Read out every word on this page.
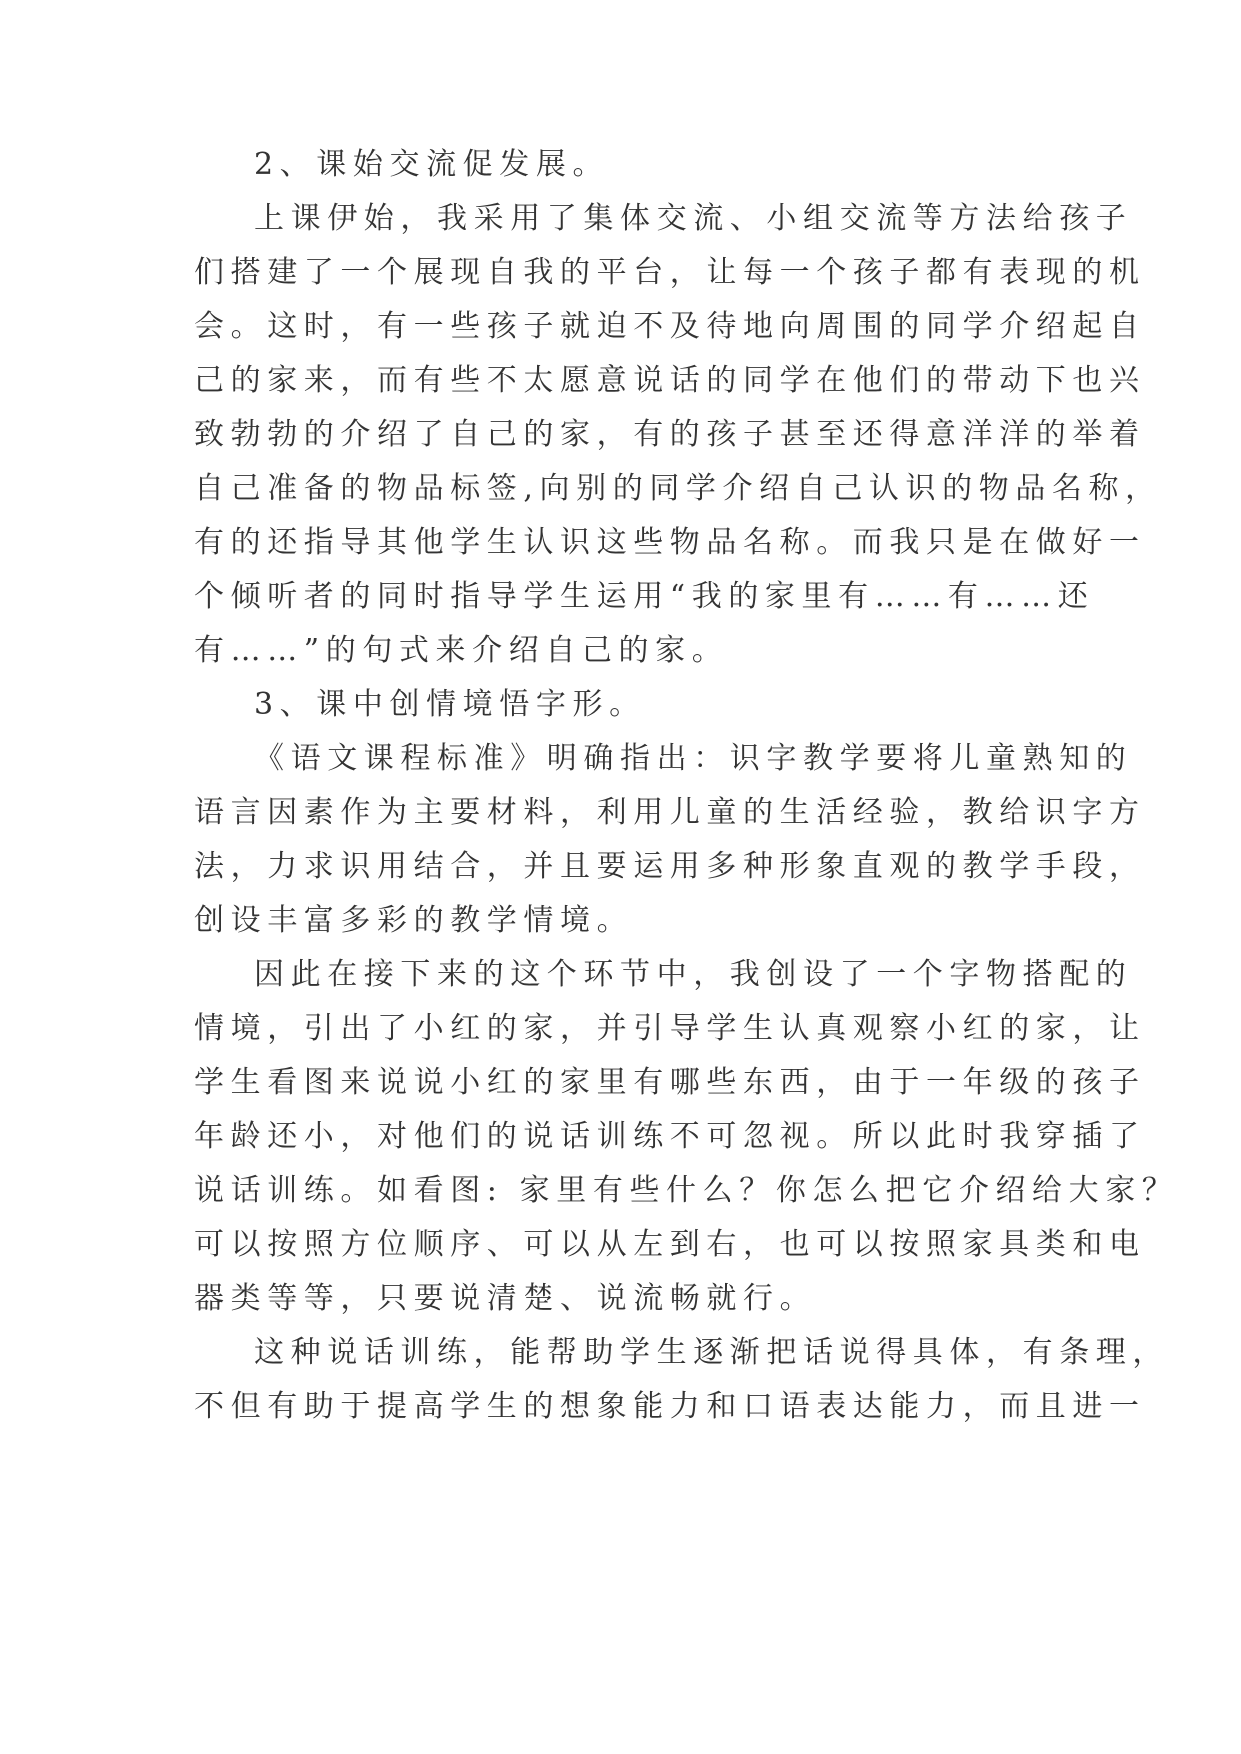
2、课始交流促发展。
上课伊始，我采用了集体交流、小组交流等方法给孩子
们搭建了一个展现自我的平台，让每一个孩子都有表现的机
会。这时，有一些孩子就迫不及待地向周围的同学介绍起自
己的家来，而有些不太愿意说话的同学在他们的带动下也兴
致勃勃的介绍了自己的家，有的孩子甚至还得意洋洋的举着
自己准备的物品标签,向别的同学介绍自己认识的物品名称，
有的还指导其他学生认识这些物品名称。而我只是在做好一
个倾听者的同时指导学生运用“我的家里有……有……还
有……”的句式来介绍自己的家。
3、课中创情境悟字形。
《语文课程标准》明确指出：识字教学要将儿童熟知的
语言因素作为主要材料，利用儿童的生活经验，教给识字方
法，力求识用结合，并且要运用多种形象直观的教学手段，
创设丰富多彩的教学情境。
因此在接下来的这个环节中，我创设了一个字物搭配的
情境，引出了小红的家，并引导学生认真观察小红的家，让
学生看图来说说小红的家里有哪些东西，由于一年级的孩子
年龄还小，对他们的说话训练不可忽视。所以此时我穿插了
说话训练。如看图: 家里有些什么？你怎么把它介绍给大家？
可以按照方位顺序、可以从左到右，也可以按照家具类和电
器类等等，只要说清楚、说流畅就行。
这种说话训练，能帮助学生逐渐把话说得具体，有条理，
不但有助于提高学生的想象能力和口语表达能力，而且进一
